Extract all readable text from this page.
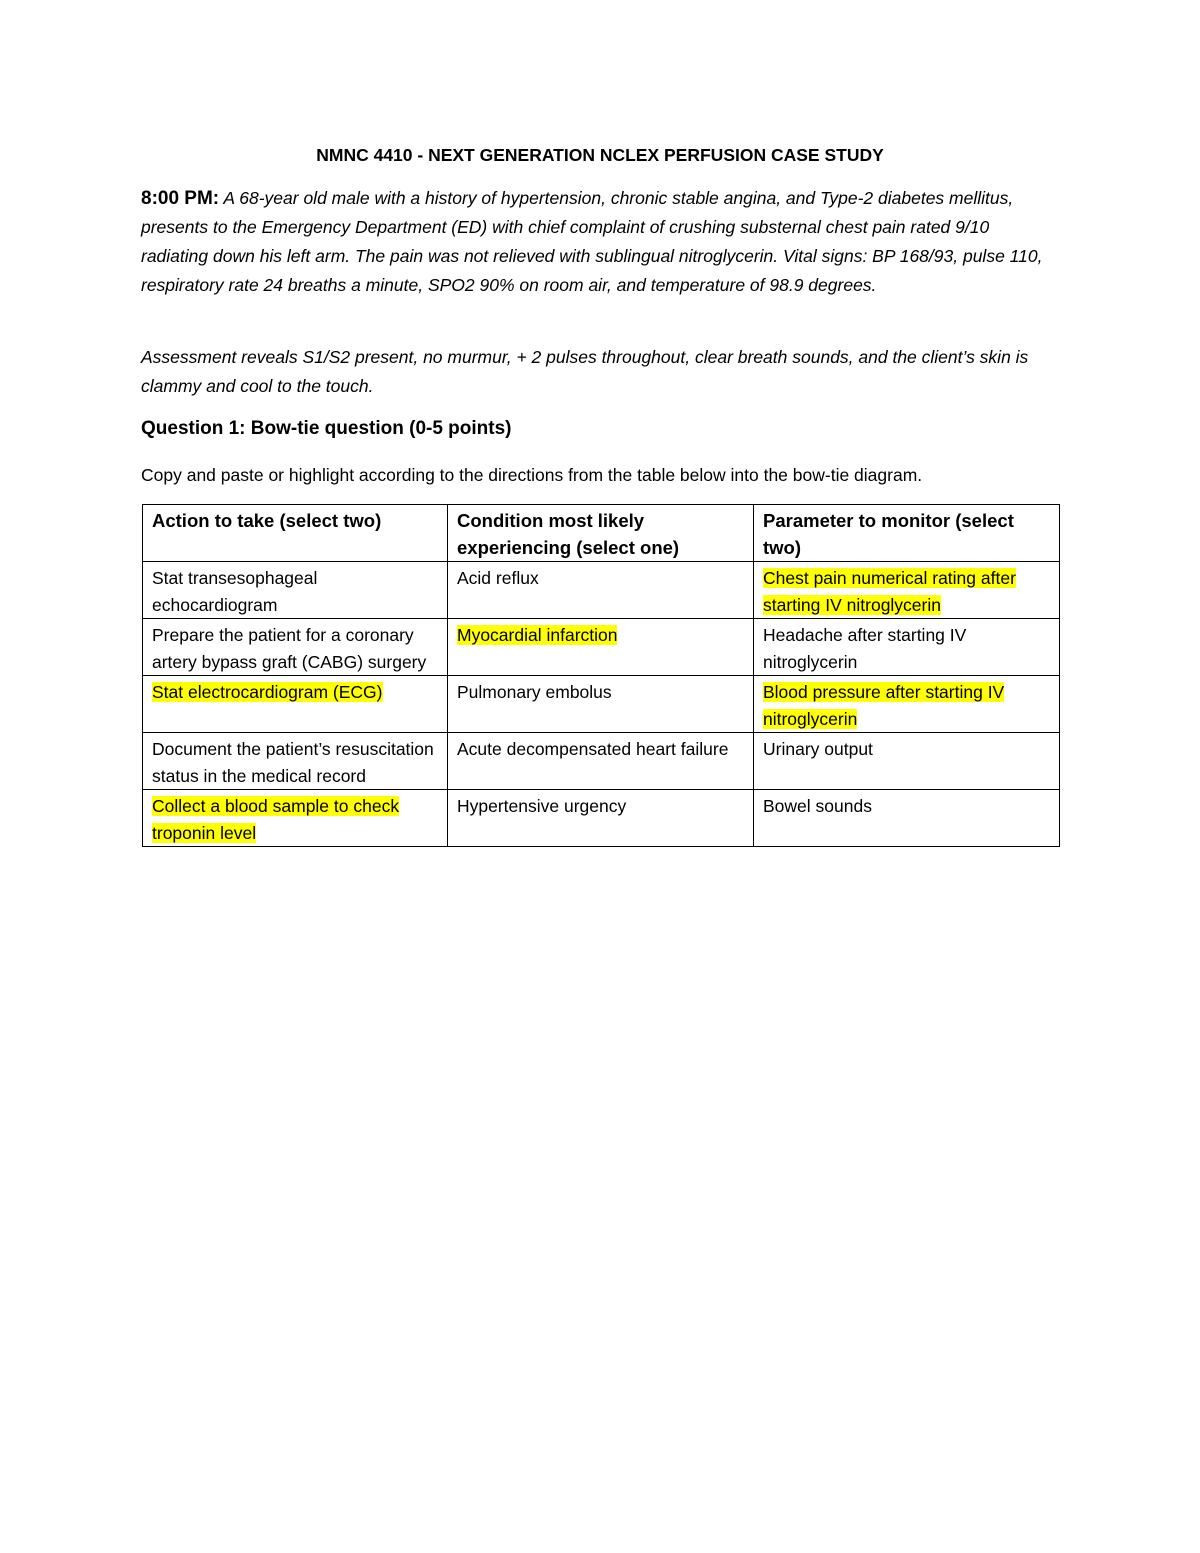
NMNC 4410 - NEXT GENERATION NCLEX PERFUSION CASE STUDY
8:00 PM: A 68-year old male with a history of hypertension, chronic stable angina, and Type-2 diabetes mellitus, presents to the Emergency Department (ED) with chief complaint of crushing substernal chest pain rated 9/10 radiating down his left arm. The pain was not relieved with sublingual nitroglycerin. Vital signs: BP 168/93, pulse 110, respiratory rate 24 breaths a minute, SPO2 90% on room air, and temperature of 98.9 degrees.
Assessment reveals S1/S2 present, no murmur, + 2 pulses throughout, clear breath sounds, and the client’s skin is clammy and cool to the touch.
Question 1: Bow-tie question (0-5 points)
Copy and paste or highlight according to the directions from the table below into the bow-tie diagram.
Action to take (select two)	Condition most likely experiencing (select one)	Parameter to monitor (select two)
Stat transesophageal echocardiogram	Acid reflux	Chest pain numerical rating after starting IV nitroglycerin
Prepare the patient for a coronary artery bypass graft (CABG) surgery	Myocardial infarction	Headache after starting IV nitroglycerin
Stat electrocardiogram (ECG)	Pulmonary embolus	Blood pressure after starting IV nitroglycerin
Document the patient’s resuscitation status in the medical record	Acute decompensated heart failure	Urinary output
Collect a blood sample to check troponin level	Hypertensive urgency	Bowel sounds
